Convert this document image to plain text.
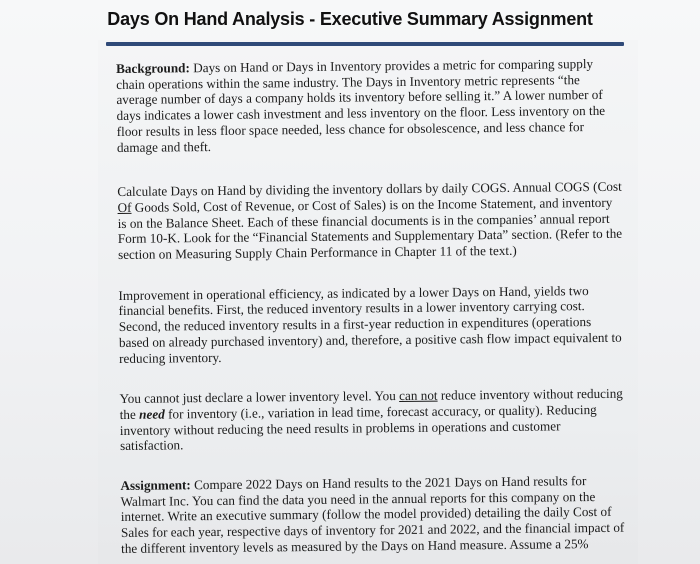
Days On Hand Analysis - Executive Summary Assignment

Background: Days on Hand or Days in Inventory provides a metric for comparing supply chain operations within the same industry. The Days in Inventory metric represents “the average number of days a company holds its inventory before selling it.” A lower number of days indicates a lower cash investment and less inventory on the floor. Less inventory on the floor results in less floor space needed, less chance for obsolescence, and less chance for damage and theft.

Calculate Days on Hand by dividing the inventory dollars by daily COGS. Annual COGS (Cost Of Goods Sold, Cost of Revenue, or Cost of Sales) is on the Income Statement, and inventory is on the Balance Sheet. Each of these financial documents is in the companies’ annual report Form 10-K. Look for the “Financial Statements and Supplementary Data” section. (Refer to the section on Measuring Supply Chain Performance in Chapter 11 of the text.)

Improvement in operational efficiency, as indicated by a lower Days on Hand, yields two financial benefits. First, the reduced inventory results in a lower inventory carrying cost. Second, the reduced inventory results in a first-year reduction in expenditures (operations based on already purchased inventory) and, therefore, a positive cash flow impact equivalent to reducing inventory.

You cannot just declare a lower inventory level. You can not reduce inventory without reducing the need for inventory (i.e., variation in lead time, forecast accuracy, or quality). Reducing inventory without reducing the need results in problems in operations and customer satisfaction.

Assignment: Compare 2022 Days on Hand results to the 2021 Days on Hand results for Walmart Inc. You can find the data you need in the annual reports for this company on the internet. Write an executive summary (follow the model provided) detailing the daily Cost of Sales for each year, respective days of inventory for 2021 and 2022, and the financial impact of the different inventory levels as measured by the Days on Hand measure. Assume a 25%
